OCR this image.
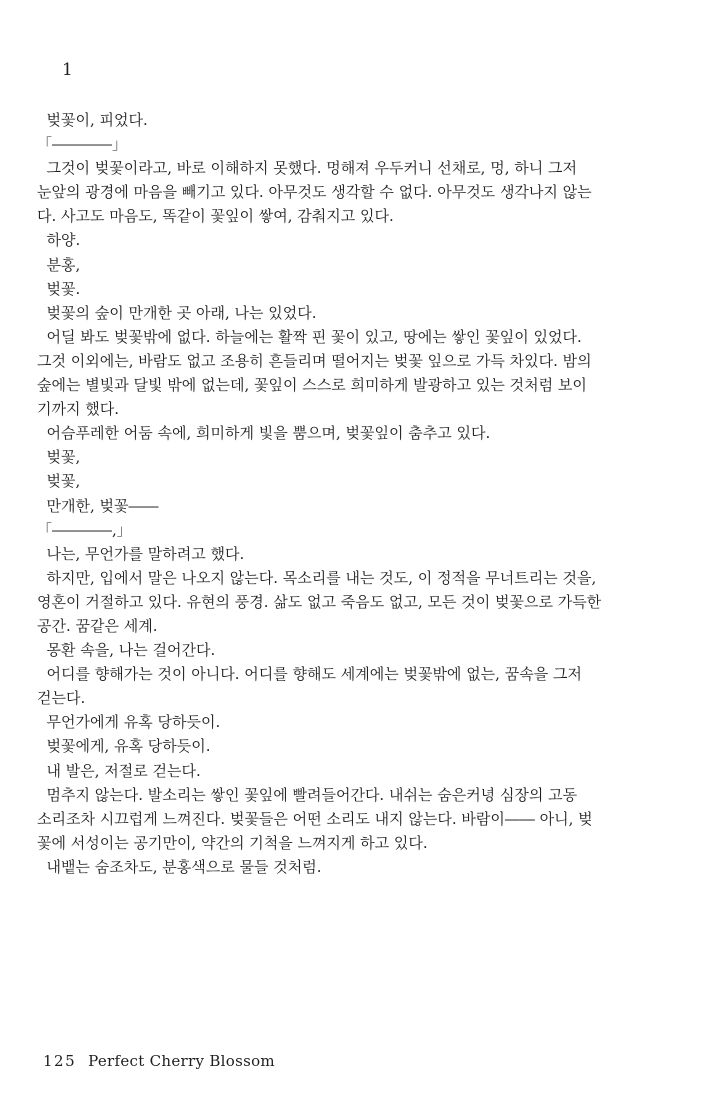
1

벚꽃이, 피었다.

「――――」

그것이 벚꽃이라고, 바로 이해하지 못했다. 멍해져 우두커니 선채로, 멍, 하니 그저

눈앞의 광경에 마음을 빼기고 있다. 아무것도 생각할 수 없다. 아무것도 생각나지 않는

다. 사고도 마음도, 똑같이 꽃잎이 쌓여, 감춰지고 있다.

하양.

분홍,

벚꽃.

벚꽃의 숲이 만개한 곳 아래, 나는 있었다.

어딜 봐도 벚꽃밖에 없다. 하늘에는 활짝 핀 꽃이 있고, 땅에는 쌓인 꽃잎이 있었다.

그것 이외에는, 바람도 없고 조용히 흔들리며 떨어지는 벚꽃 잎으로 가득 차있다. 밤의

숲에는 별빛과 달빛 밖에 없는데, 꽃잎이 스스로 희미하게 발광하고 있는 것처럼 보이

기까지 했다.

어슴푸레한 어둠 속에, 희미하게 빛을 뿜으며, 벚꽃잎이 춤추고 있다.

벚꽃,

벚꽃,

만개한, 벚꽃――

「――――,」

나는, 무언가를 말하려고 했다.

하지만, 입에서 말은 나오지 않는다. 목소리를 내는 것도, 이 정적을 무너트리는 것을,

영혼이 거절하고 있다. 유현의 풍경. 삶도 없고 죽음도 없고, 모든 것이 벚꽃으로 가득한

공간. 꿈같은 세계.

몽환 속을, 나는 걸어간다.

어디를 향해가는 것이 아니다. 어디를 향해도 세계에는 벚꽃밖에 없는, 꿈속을 그저

걷는다.

무언가에게 유혹 당하듯이.

벚꽃에게, 유혹 당하듯이.

내 발은, 저절로 걷는다.

멈추지 않는다. 발소리는 쌓인 꽃잎에 빨려들어간다. 내쉬는 숨은커녕 심장의 고동

소리조차 시끄럽게 느껴진다. 벚꽃들은 어떤 소리도 내지 않는다. 바람이―― 아니, 벚

꽃에 서성이는 공기만이, 약간의 기척을 느껴지게 하고 있다.

내뱉는 숨조차도, 분홍색으로 물들 것처럼.

125 Perfect Cherry Blossom
